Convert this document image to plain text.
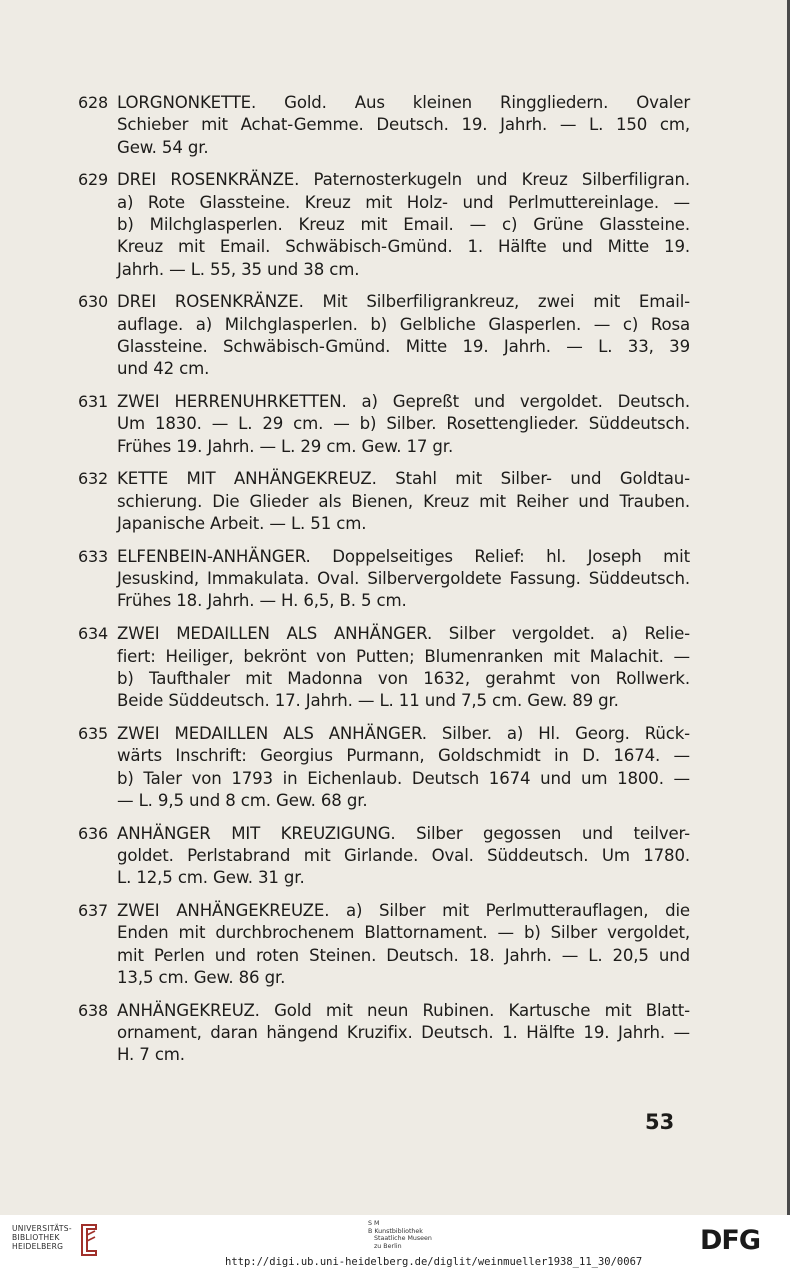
628 LORGNONKETTE. Gold. Aus kleinen Ringgliedern. Ovaler
Schieber mit Achat-Gemme. Deutsch. 19. Jahrh. — L. 150 cm,
Gew. 54 gr.
629 DREI ROSENKRÄNZE. Paternosterkugeln und Kreuz Silberfiligran.
a) Rote Glassteine. Kreuz mit Holz- und Perlmuttereinlage. —
b) Milchglasperlen. Kreuz mit Email. — c) Grüne Glassteine.
Kreuz mit Email. Schwäbisch-Gmünd. 1. Hälfte und Mitte 19.
Jahrh. — L. 55, 35 und 38 cm.
630 DREI ROSENKRÄNZE. Mit Silberfiligrankreuz, zwei mit Email-
auflage. a) Milchglasperlen. b) Gelbliche Glasperlen. — c) Rosa
Glassteine. Schwäbisch-Gmünd. Mitte 19. Jahrh. — L. 33, 39
und 42 cm.
631 ZWEI HERRENUHRKETTEN. a) Gepreßt und vergoldet. Deutsch.
Um 1830. — L. 29 cm. — b) Silber. Rosettenglieder. Süddeutsch.
Frühes 19. Jahrh. — L. 29 cm. Gew. 17 gr.
632 KETTE MIT ANHÄNGEKREUZ. Stahl mit Silber- und Goldtau-
schierung. Die Glieder als Bienen, Kreuz mit Reiher und Trauben.
Japanische Arbeit. — L. 51 cm.
633 ELFENBEIN-ANHÄNGER. Doppelseitiges Relief: hl. Joseph mit
Jesuskind, Immakulata. Oval. Silbervergoldete Fassung. Süddeutsch.
Frühes 18. Jahrh. — H. 6,5, B. 5 cm.
634 ZWEI MEDAILLEN ALS ANHÄNGER. Silber vergoldet. a) Relie-
fiert: Heiliger, bekrönt von Putten; Blumenranken mit Malachit. —
b) Taufthaler mit Madonna von 1632, gerahmt von Rollwerk.
Beide Süddeutsch. 17. Jahrh. — L. 11 und 7,5 cm. Gew. 89 gr.
635 ZWEI MEDAILLEN ALS ANHÄNGER. Silber. a) Hl. Georg. Rück-
wärts Inschrift: Georgius Purmann, Goldschmidt in D. 1674. —
b) Taler von 1793 in Eichenlaub. Deutsch 1674 und um 1800. —
— L. 9,5 und 8 cm. Gew. 68 gr.
636 ANHÄNGER MIT KREUZIGUNG. Silber gegossen und teilver-
goldet. Perlstabrand mit Girlande. Oval. Süddeutsch. Um 1780.
L. 12,5 cm. Gew. 31 gr.
637 ZWEI ANHÄNGEKREUZE. a) Silber mit Perlmutterauflagen, die
Enden mit durchbrochenem Blattornament. — b) Silber vergoldet,
mit Perlen und roten Steinen. Deutsch. 18. Jahrh. — L. 20,5 und
13,5 cm. Gew. 86 gr.
638 ANHÄNGEKREUZ. Gold mit neun Rubinen. Kartusche mit Blatt-
ornament, daran hängend Kruzifix. Deutsch. 1. Hälfte 19. Jahrh. —
H. 7 cm.
53
UNIVERSITÄTS-
BIBLIOTHEK
HEIDELBERG
S M
B Kunstbibliothek
Staatliche Museen
zu Berlin	DFG
http://digi.ub.uni-heidelberg.de/diglit/weinmueller1938_11_30/0067
